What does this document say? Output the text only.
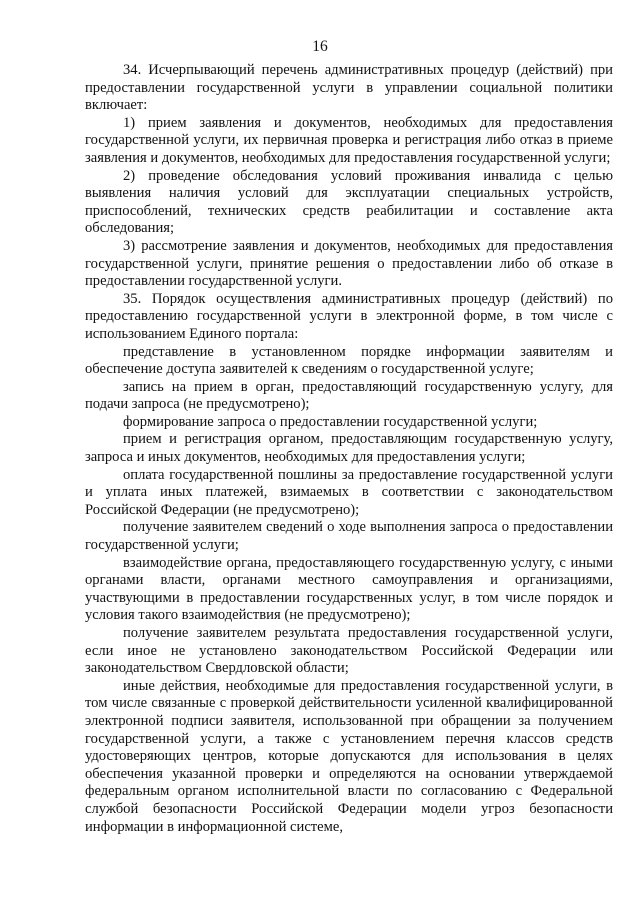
16

34. Исчерпывающий перечень административных процедур (действий) при предоставлении государственной услуги в управлении социальной политики включает:

1) прием заявления и документов, необходимых для предоставления государственной услуги, их первичная проверка и регистрация либо отказ в приеме заявления и документов, необходимых для предоставления государственной услуги;

2) проведение обследования условий проживания инвалида с целью выявления наличия условий для эксплуатации специальных устройств, приспособлений, технических средств реабилитации и составление акта обследования;

3) рассмотрение заявления и документов, необходимых для предоставления государственной услуги, принятие решения о предоставлении либо об отказе в предоставлении государственной услуги.

35. Порядок осуществления административных процедур (действий) по предоставлению государственной услуги в электронной форме, в том числе с использованием Единого портала:

представление в установленном порядке информации заявителям и обеспечение доступа заявителей к сведениям о государственной услуге;

запись на прием в орган, предоставляющий государственную услугу, для подачи запроса (не предусмотрено);

формирование запроса о предоставлении государственной услуги;

прием и регистрация органом, предоставляющим государственную услугу, запроса и иных документов, необходимых для предоставления услуги;

оплата государственной пошлины за предоставление государственной услуги и уплата иных платежей, взимаемых в соответствии с законодательством Российской Федерации (не предусмотрено);

получение заявителем сведений о ходе выполнения запроса о предоставлении государственной услуги;

взаимодействие органа, предоставляющего государственную услугу, с иными органами власти, органами местного самоуправления и организациями, участвующими в предоставлении государственных услуг, в том числе порядок и условия такого взаимодействия (не предусмотрено);

получение заявителем результата предоставления государственной услуги, если иное не установлено законодательством Российской Федерации или законодательством Свердловской области;

иные действия, необходимые для предоставления государственной услуги, в том числе связанные с проверкой действительности усиленной квалифицированной электронной подписи заявителя, использованной при обращении за получением государственной услуги, а также с установлением перечня классов средств удостоверяющих центров, которые допускаются для использования в целях обеспечения указанной проверки и определяются на основании утверждаемой федеральным органом исполнительной власти по согласованию с Федеральной службой безопасности Российской Федерации модели угроз безопасности информации в информационной системе,
